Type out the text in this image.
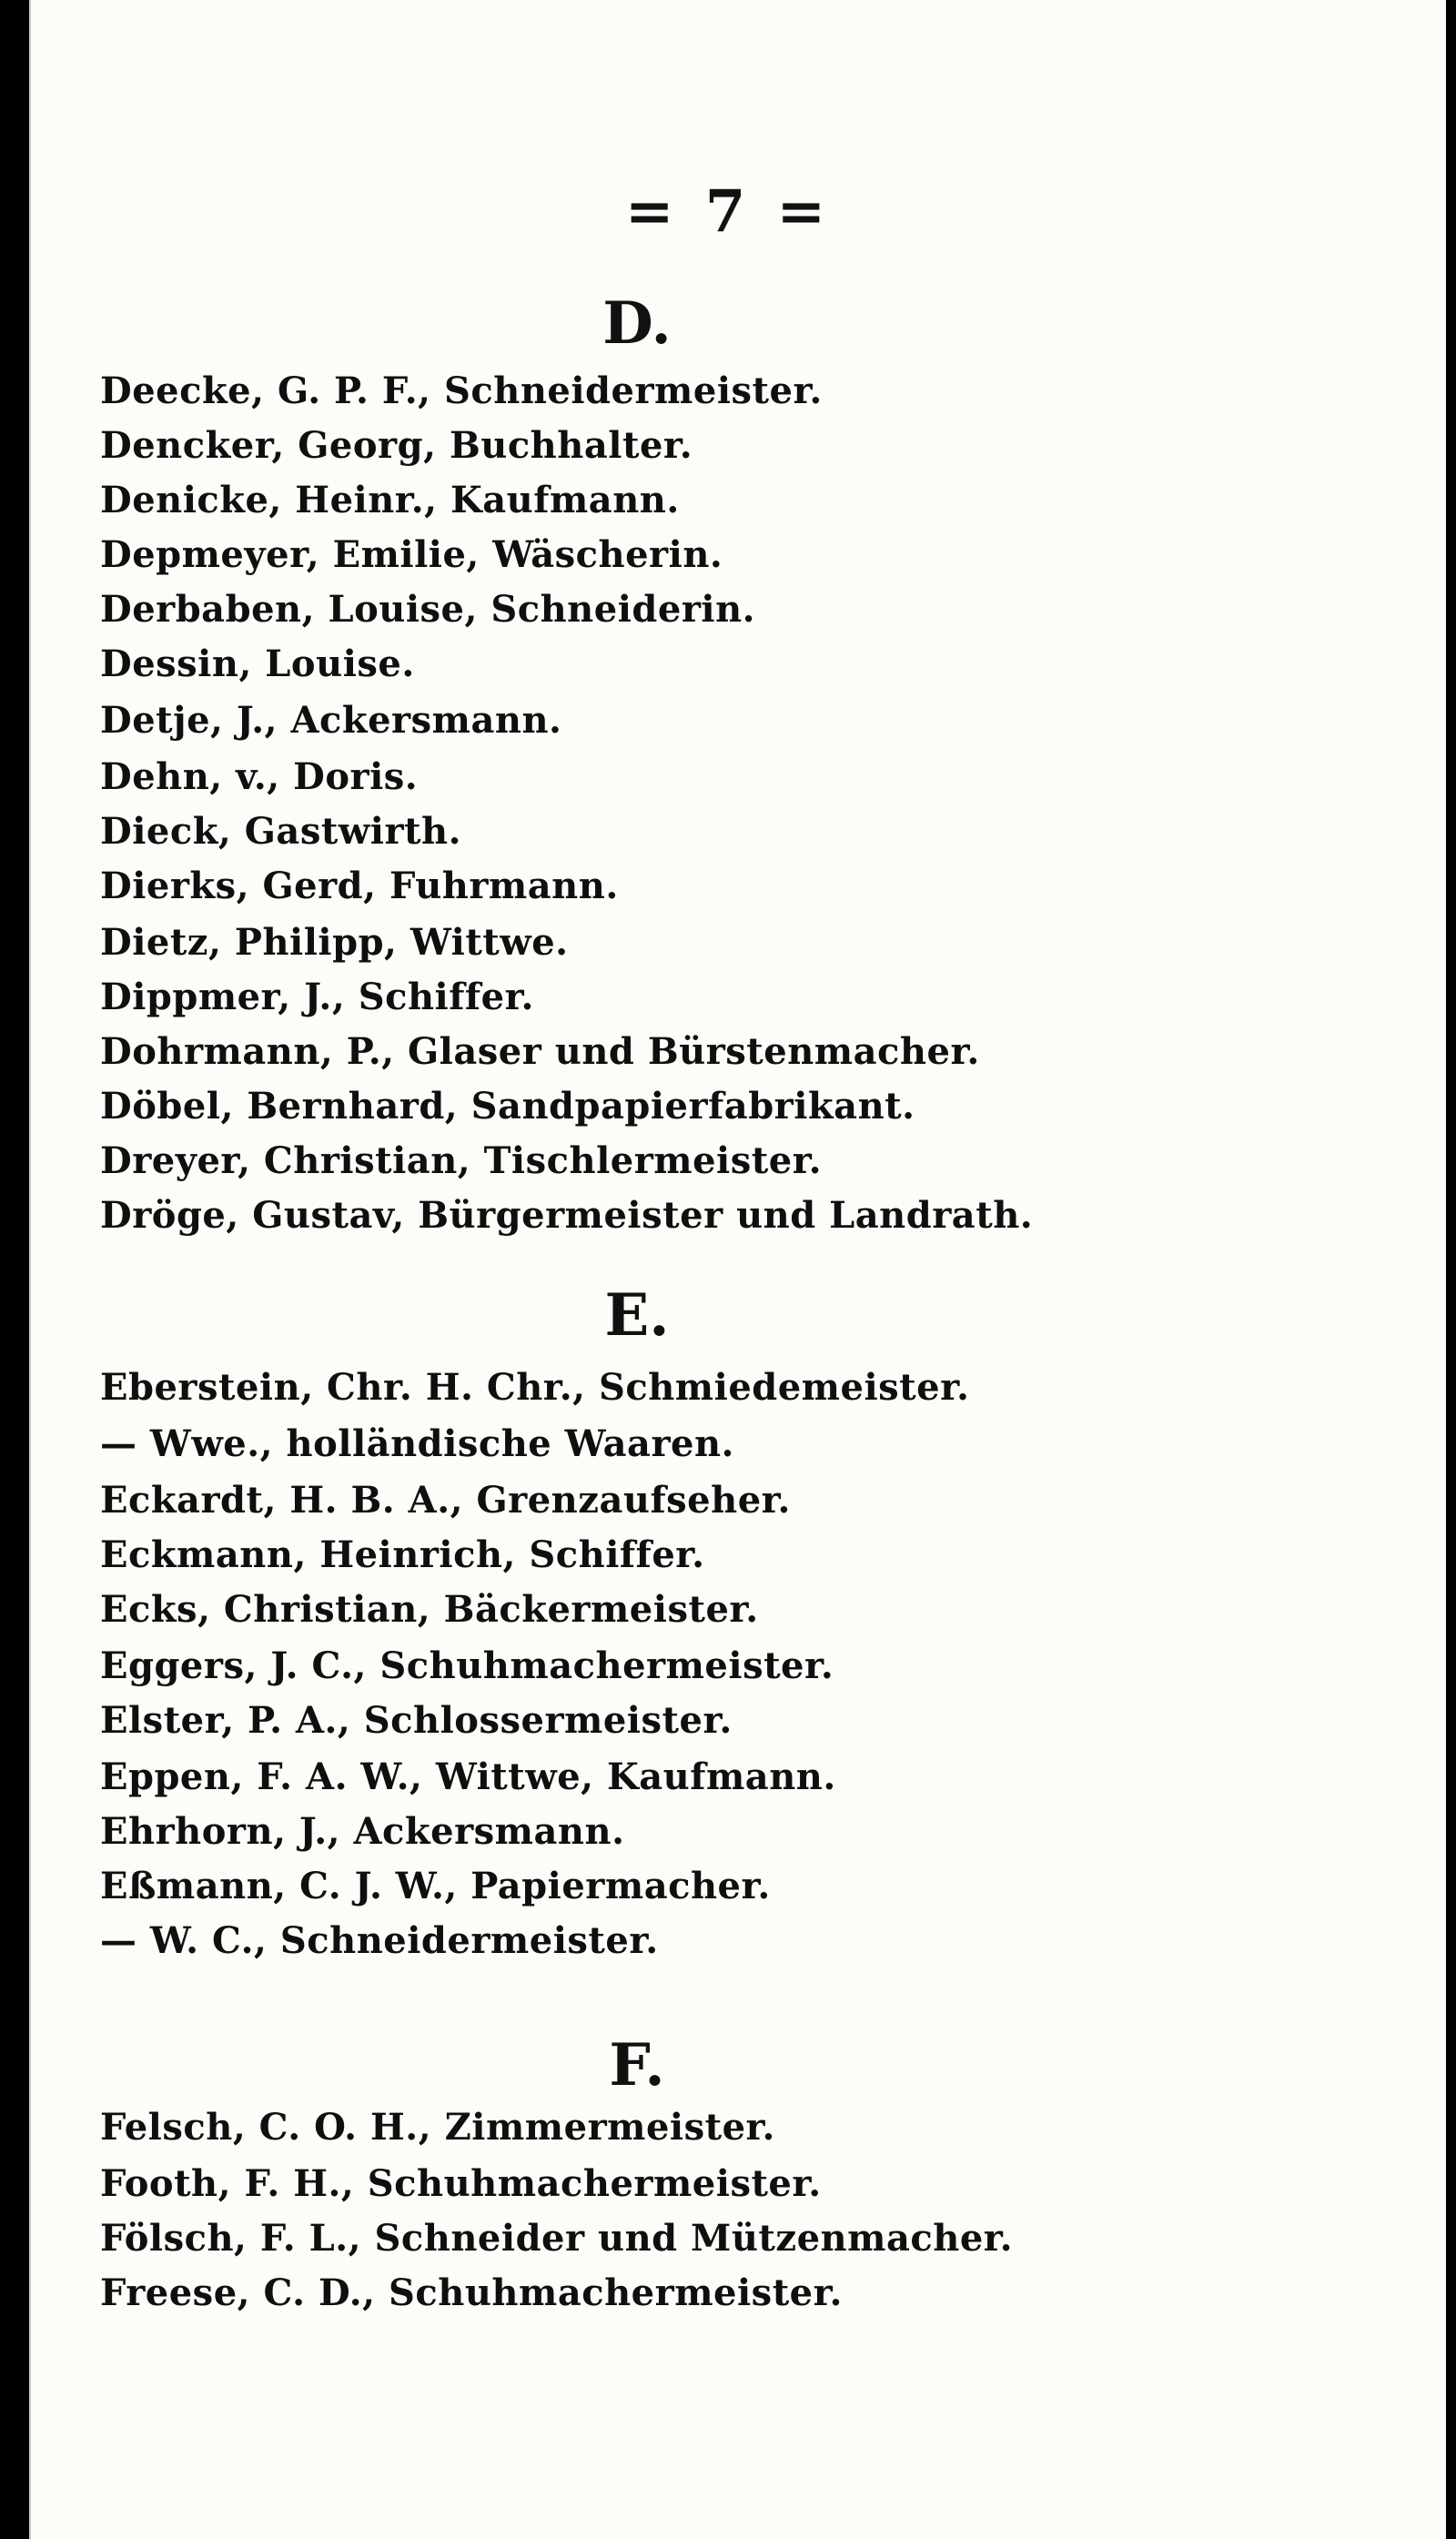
= 7 =
D.
Deecke, G. P. F., Schneidermeister.
Dencker, Georg, Buchhalter.
Denicke, Heinr., Kaufmann.
Depmeyer, Emilie, Wäscherin.
Derbaben, Louise, Schneiderin.
Dessin, Louise.
Detje, J., Ackersmann.
Dehn, v., Doris.
Dieck, Gastwirth.
Dierks, Gerd, Fuhrmann.
Dietz, Philipp, Wittwe.
Dippmer, J., Schiffer.
Dohrmann, P., Glaser und Bürstenmacher.
Döbel, Bernhard, Sandpapierfabrikant.
Dreyer, Christian, Tischlermeister.
Dröge, Gustav, Bürgermeister und Landrath.
E.
Eberstein, Chr. H. Chr., Schmiedemeister.
— Wwe., holländische Waaren.
Eckardt, H. B. A., Grenzaufseher.
Eckmann, Heinrich, Schiffer.
Ecks, Christian, Bäckermeister.
Eggers, J. C., Schuhmachermeister.
Elster, P. A., Schlossermeister.
Eppen, F. A. W., Wittwe, Kaufmann.
Ehrhorn, J., Ackersmann.
Eßmann, C. J. W., Papiermacher.
— W. C., Schneidermeister.
F.
Felsch, C. O. H., Zimmermeister.
Footh, F. H., Schuhmachermeister.
Fölsch, F. L., Schneider und Mützenmacher.
Freese, C. D., Schuhmachermeister.
